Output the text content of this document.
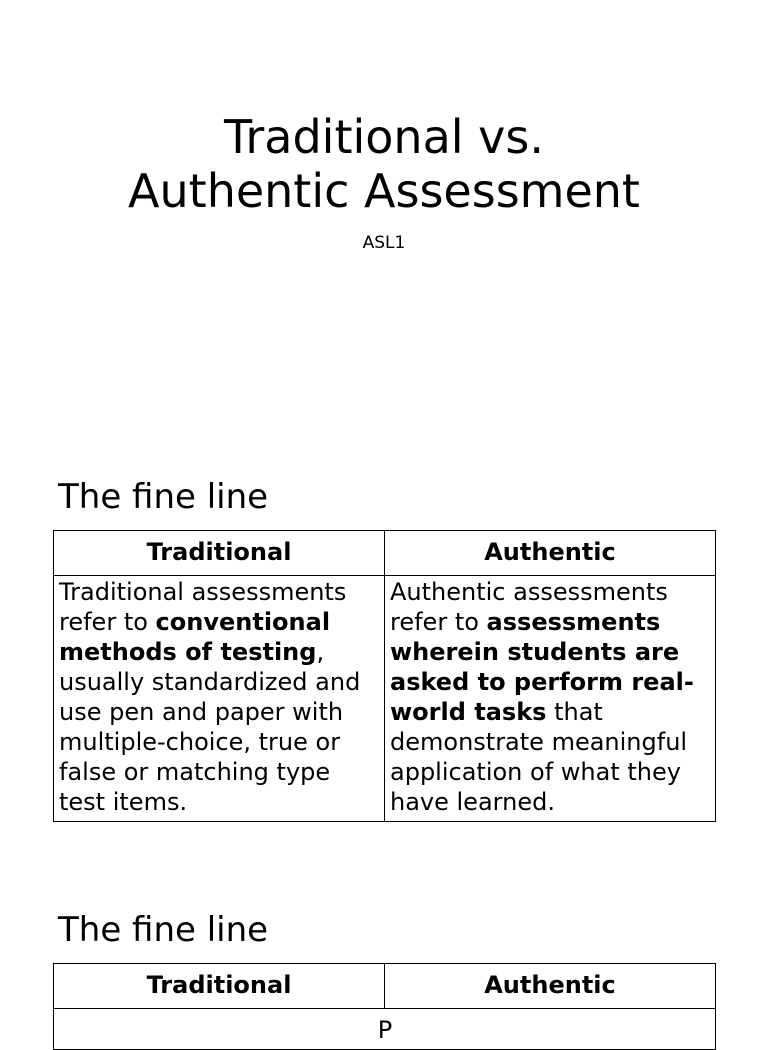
Traditional vs.
Authentic Assessment
ASL1
The fine line
Traditional	Authentic
Traditional assessments refer to conventional methods of testing, usually standardized and use pen and paper with multiple-choice, true or false or matching type test items.	Authentic assessments refer to assessments wherein students are asked to perform real-world tasks that demonstrate meaningful application of what they have learned.
The fine line
Traditional	Authentic
P
